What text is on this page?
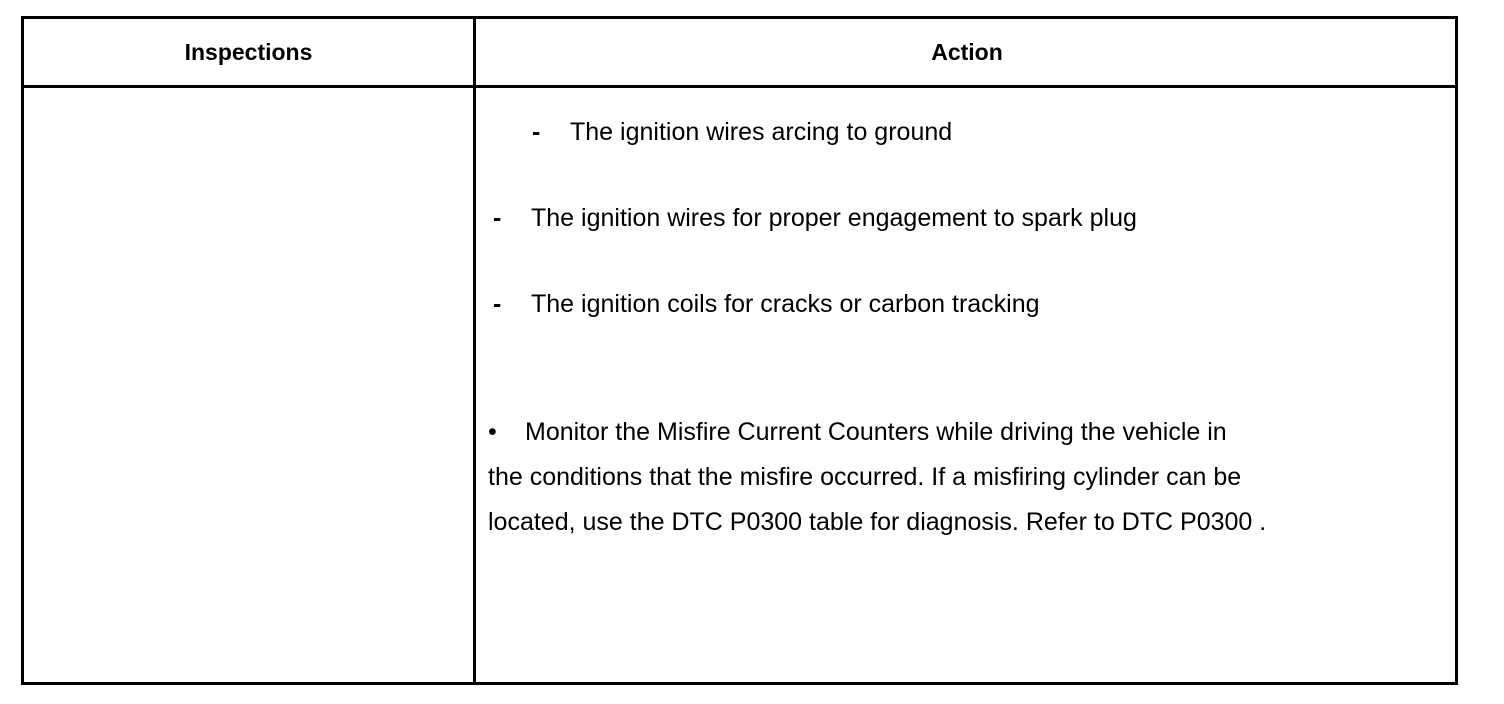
Inspections	Action
- The ignition wires arcing to ground
- The ignition wires for proper engagement to spark plug
- The ignition coils for cracks or carbon tracking
• Monitor the Misfire Current Counters while driving the vehicle in
the conditions that the misfire occurred. If a misfiring cylinder can be
located, use the DTC P0300 table for diagnosis. Refer to DTC P0300 .
